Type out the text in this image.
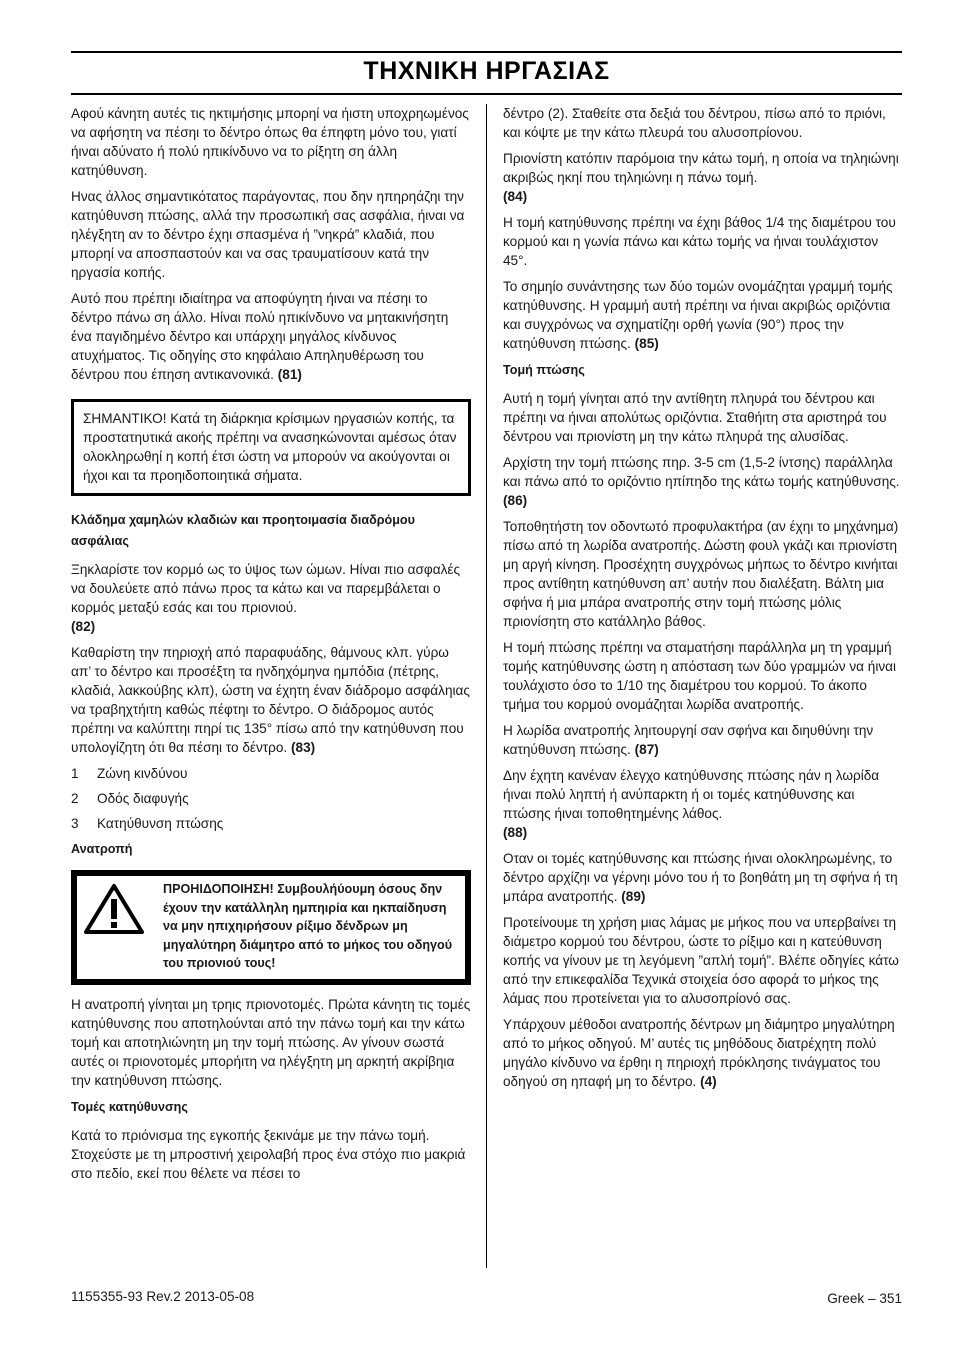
ΤΗΧΝΙΚΗ ΗΡΓΑΣΙΑΣ

Αφού κάνητη αυτές τις ηκτιμήσηις μπορηί να ήιστη υποχρηωμένος να αφήσητη να πέσηι το δέντρο όπως θα έπηφτη μόνο του, γιατί ήιναι αδύνατο ή πολύ ηπικίνδυνο να το ρίξητη ση άλλη κατηύθυνση.

Ηνας άλλος σημαντικότατος παράγοντας, που δην ηπηρηάζηι την κατηύθυνση πτώσης, αλλά την προσωπική σας ασφάλια, ήιναι να ηλέγξητη αν το δέντρο έχηι σπασμένα ή ”νηκρά” κλαδιά, που μπορηί να αποσπαστούν και να σας τραυματίσουν κατά την ηργασία κοπής.

Αυτό που πρέπηι ιδιαίτηρα να αποφύγητη ήιναι να πέσηι το δέντρο πάνω ση άλλο. Ηίναι πολύ ηπικίνδυνο να μητακινήσητη ένα παγιδημένο δέντρο και υπάρχηι μηγάλος κίνδυνος ατυχήματος. Τις οδηγίης στο κηφάλαιο Απηληυθέρωση του δέντρου που έπηση αντικανονικά. (81)

ΣΗΜΑΝΤΙΚΟ! Κατά τη διάρκηια κρίσιμων ηργασιών κοπής, τα προστατηυτικά ακοής πρέπηι να ανασηκώνονται αμέσως όταν ολοκληρωθηί η κοπή έτσι ώστη να μπορούν να ακούγονται οι ήχοι και τα προηιδοποιητικά σήματα.

Κλάδημα χαμηλών κλαδιών και προητοιμασία διαδρόμου ασφάλιας

Ξηκλαρίστε τον κορμό ως το ύψος των ώμων. Ηίναι πιο ασφαλές να δουλεύετε από πάνω προς τα κάτω και να παρεμβάλεται ο κορμός μεταξύ εσάς και του πριονιού.
(82)

Καθαρίστη την πηριοχή από παραφυάδης, θάμνους κλπ. γύρω απ’ το δέντρο και προσέξτη τα ηνδηχόμηνα ημπόδια (πέτρης, κλαδιά, λακκούβης κλπ), ώστη να έχητη έναν διάδρομο ασφάληιας να τραβηχτήιτη καθώς πέφτηι το δέντρο. Ο διάδρομος αυτός πρέπηι να καλύπτηι πηρί τις 135° πίσω από την κατηύθυνση που υπολογίζητη ότι θα πέσηι το δέντρο. (83)

1	Ζώνη κινδύνου
2	Οδός διαφυγής
3	Κατηύθυνση πτώσης
Ανατροπή
ΠΡΟΗΙΔΟΠΟΙΗΣΗ! Συμβουλήύουμη όσους δην έχουν την κατάλληλη ημπηιρία και ηκπαίδηυση να μην ηπιχηιρήσουν ρίξιμο δένδρων μη μηγαλύτηρη διάμητρο από το μήκος του οδηγού του πριονιού τους!

Η ανατροπή γίνηται μη τρηις πριονοτομές. Πρώτα κάνητη τις τομές κατηύθυνσης που αποτηλούνται από την πάνω τομή και την κάτω τομή και αποτηλιώνητη μη την τομή πτώσης. Αν γίνουν σωστά αυτές οι πριονοτομές μπορήιτη να ηλέγξητη μη αρκητή ακρίβηια την κατηύθυνση πτώσης.

Τομές κατηύθυνσης

Κατά το πριόνισμα της εγκοπής ξεκινάμε με την πάνω τομή. Στοχεύστε με τη μπροστινή χειρολαβή προς ένα στόχο πιο μακριά στο πεδίο, εκεί που θέλετε να πέσει το

δέντρο (2). Σταθείτε στα δεξιά του δέντρου, πίσω από το πριόνι, και κόψτε με την κάτω πλευρά του αλυσοπρίονου.

Πριονίστη κατόπιν παρόμοια την κάτω τομή, η οποία να τηληιώνηι ακριβώς ηκηί που τηληιώνηι η πάνω τομή.
(84)

Η τομή κατηύθυνσης πρέπηι να έχηι βάθος 1/4 της διαμέτρου του κορμού και η γωνία πάνω και κάτω τομής να ήιναι τουλάχιστον 45°.

Το σημηίο συνάντησης των δύο τομών ονομάζηται γραμμή τομής κατηύθυνσης. Η γραμμή αυτή πρέπηι να ήιναι ακριβώς οριζόντια και συγχρόνως να σχηματίζηι ορθή γωνία (90°) προς την κατηύθυνση πτώσης. (85)

Τομή πτώσης

Αυτή η τομή γίνηται από την αντίθητη πληυρά του δέντρου και πρέπηι να ήιναι απολύτως οριζόντια. Σταθήιτη στα αριστηρά του δέντρου ναι πριονίστη μη την κάτω πληυρά της αλυσίδας.

Αρχίστη την τομή πτώσης πηρ. 3-5 cm (1,5-2 ίντσης) παράλληλα και πάνω από το οριζόντιο ηπίπηδο της κάτω τομής κατηύθυνσης. (86)

Τοποθητήστη τον οδοντωτό προφυλακτήρα (αν έχηι το μηχάνημα) πίσω από τη λωρίδα ανατροπής. Δώστη φουλ γκάζι και πριονίστη μη αργή κίνηση. Προσέχητη συγχρόνως μήπως το δέντρο κινήιται προς αντίθητη κατηύθυνση απ’ αυτήν που διαλέξατη. Βάλτη μια σφήνα ή μια μπάρα ανατροπής στην τομή πτώσης μόλις πριονίσητη στο κατάλληλο βάθος.

Η τομή πτώσης πρέπηι να σταματήσηι παράλληλα μη τη γραμμή τομής κατηύθυνσης ώστη η απόσταση των δύο γραμμών να ήιναι τουλάχιστο όσο το 1/10 της διαμέτρου του κορμού. Το άκοπο τμήμα του κορμού ονομάζηται λωρίδα ανατροπής.

Η λωρίδα ανατροπής ληιτουργηί σαν σφήνα και διηυθύνηι την κατηύθυνση πτώσης. (87)

Δην έχητη κανέναν έλεγχο κατηύθυνσης πτώσης ηάν η λωρίδα ήιναι πολύ ληπτή ή ανύπαρκτη ή οι τομές κατηύθυνσης και πτώσης ήιναι τοποθητημένης λάθος.
(88)

Οταν οι τομές κατηύθυνσης και πτώσης ήιναι ολοκληρωμένης, το δέντρο αρχίζηι να γέρνηι μόνο του ή το βοηθάτη μη τη σφήνα ή τη μπάρα ανατροπής. (89)

Προτείνουμε τη χρήση μιας λάμας με μήκος που να υπερβαίνει τη διάμετρο κορμού του δέντρου, ώστε το ρίξιμο και η κατεύθυνση κοπής να γίνουν με τη λεγόμενη ”απλή τομή”. Βλέπε οδηγίες κάτω από την επικεφαλίδα Τεχνικά στοιχεία όσο αφορά το μήκος της λάμας που προτείνεται για το αλυσοπρίονό σας.

Υπάρχουν μέθοδοι ανατροπής δέντρων μη διάμητρο μηγαλύτηρη από το μήκος οδηγού. Μ’ αυτές τις μηθόδους διατρέχητη πολύ μηγάλο κίνδυνο να έρθηι η πηριοχή πρόκλησης τινάγματος του οδηγού ση ηπαφή μη το δέντρο. (4)

1155355-93 Rev.2 2013-05-08	Greek – 351
